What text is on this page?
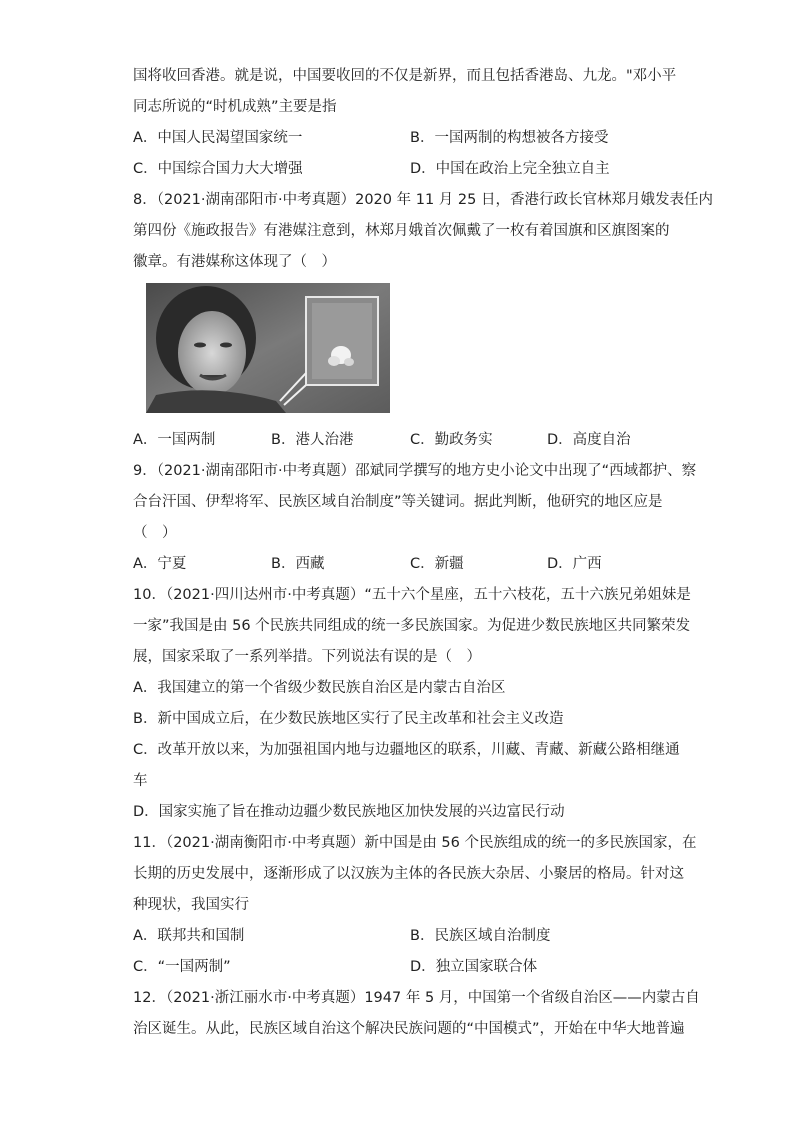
国将收回香港。就是说，中国要收回的不仅是新界，而且包括香港岛、九龙。"邓小平
同志所说的“时机成熟”主要是指
A．中国人民渴望国家统一	B．一国两制的构想被各方接受
C．中国综合国力大大增强	D．中国在政治上完全独立自主
8．（2021·湖南邵阳市·中考真题）2020 年 11 月 25 日，香港行政长官林郑月娥发表任内
第四份《施政报告》有港媒注意到，林郑月娥首次佩戴了一枚有着国旗和区旗图案的
徽章。有港媒称这体现了（　）
A．一国两制	B．港人治港	C．勤政务实	D．高度自治
9．（2021·湖南邵阳市·中考真题）邵斌同学撰写的地方史小论文中出现了“西域都护、察
合台汗国、伊犁将军、民族区域自治制度”等关键词。据此判断，他研究的地区应是
（　）
A．宁夏	B．西藏	C．新疆	D．广西
10．（2021·四川达州市·中考真题）“五十六个星座，五十六枝花，五十六族兄弟姐妹是
一家”我国是由 56 个民族共同组成的统一多民族国家。为促进少数民族地区共同繁荣发
展，国家采取了一系列举措。下列说法有误的是（　）
A．我国建立的第一个省级少数民族自治区是内蒙古自治区
B．新中国成立后，在少数民族地区实行了民主改革和社会主义改造
C．改革开放以来，为加强祖国内地与边疆地区的联系，川藏、青藏、新藏公路相继通
车
D．国家实施了旨在推动边疆少数民族地区加快发展的兴边富民行动
11．（2021·湖南衡阳市·中考真题）新中国是由 56 个民族组成的统一的多民族国家，在
长期的历史发展中，逐渐形成了以汉族为主体的各民族大杂居、小聚居的格局。针对这
种现状，我国实行
A．联邦共和国制	B．民族区域自治制度
C．“一国两制”	D．独立国家联合体
12．（2021·浙江丽水市·中考真题）1947 年 5 月，中国第一个省级自治区——内蒙古自
治区诞生。从此，民族区域自治这个解决民族问题的“中国模式”，开始在中华大地普遍
